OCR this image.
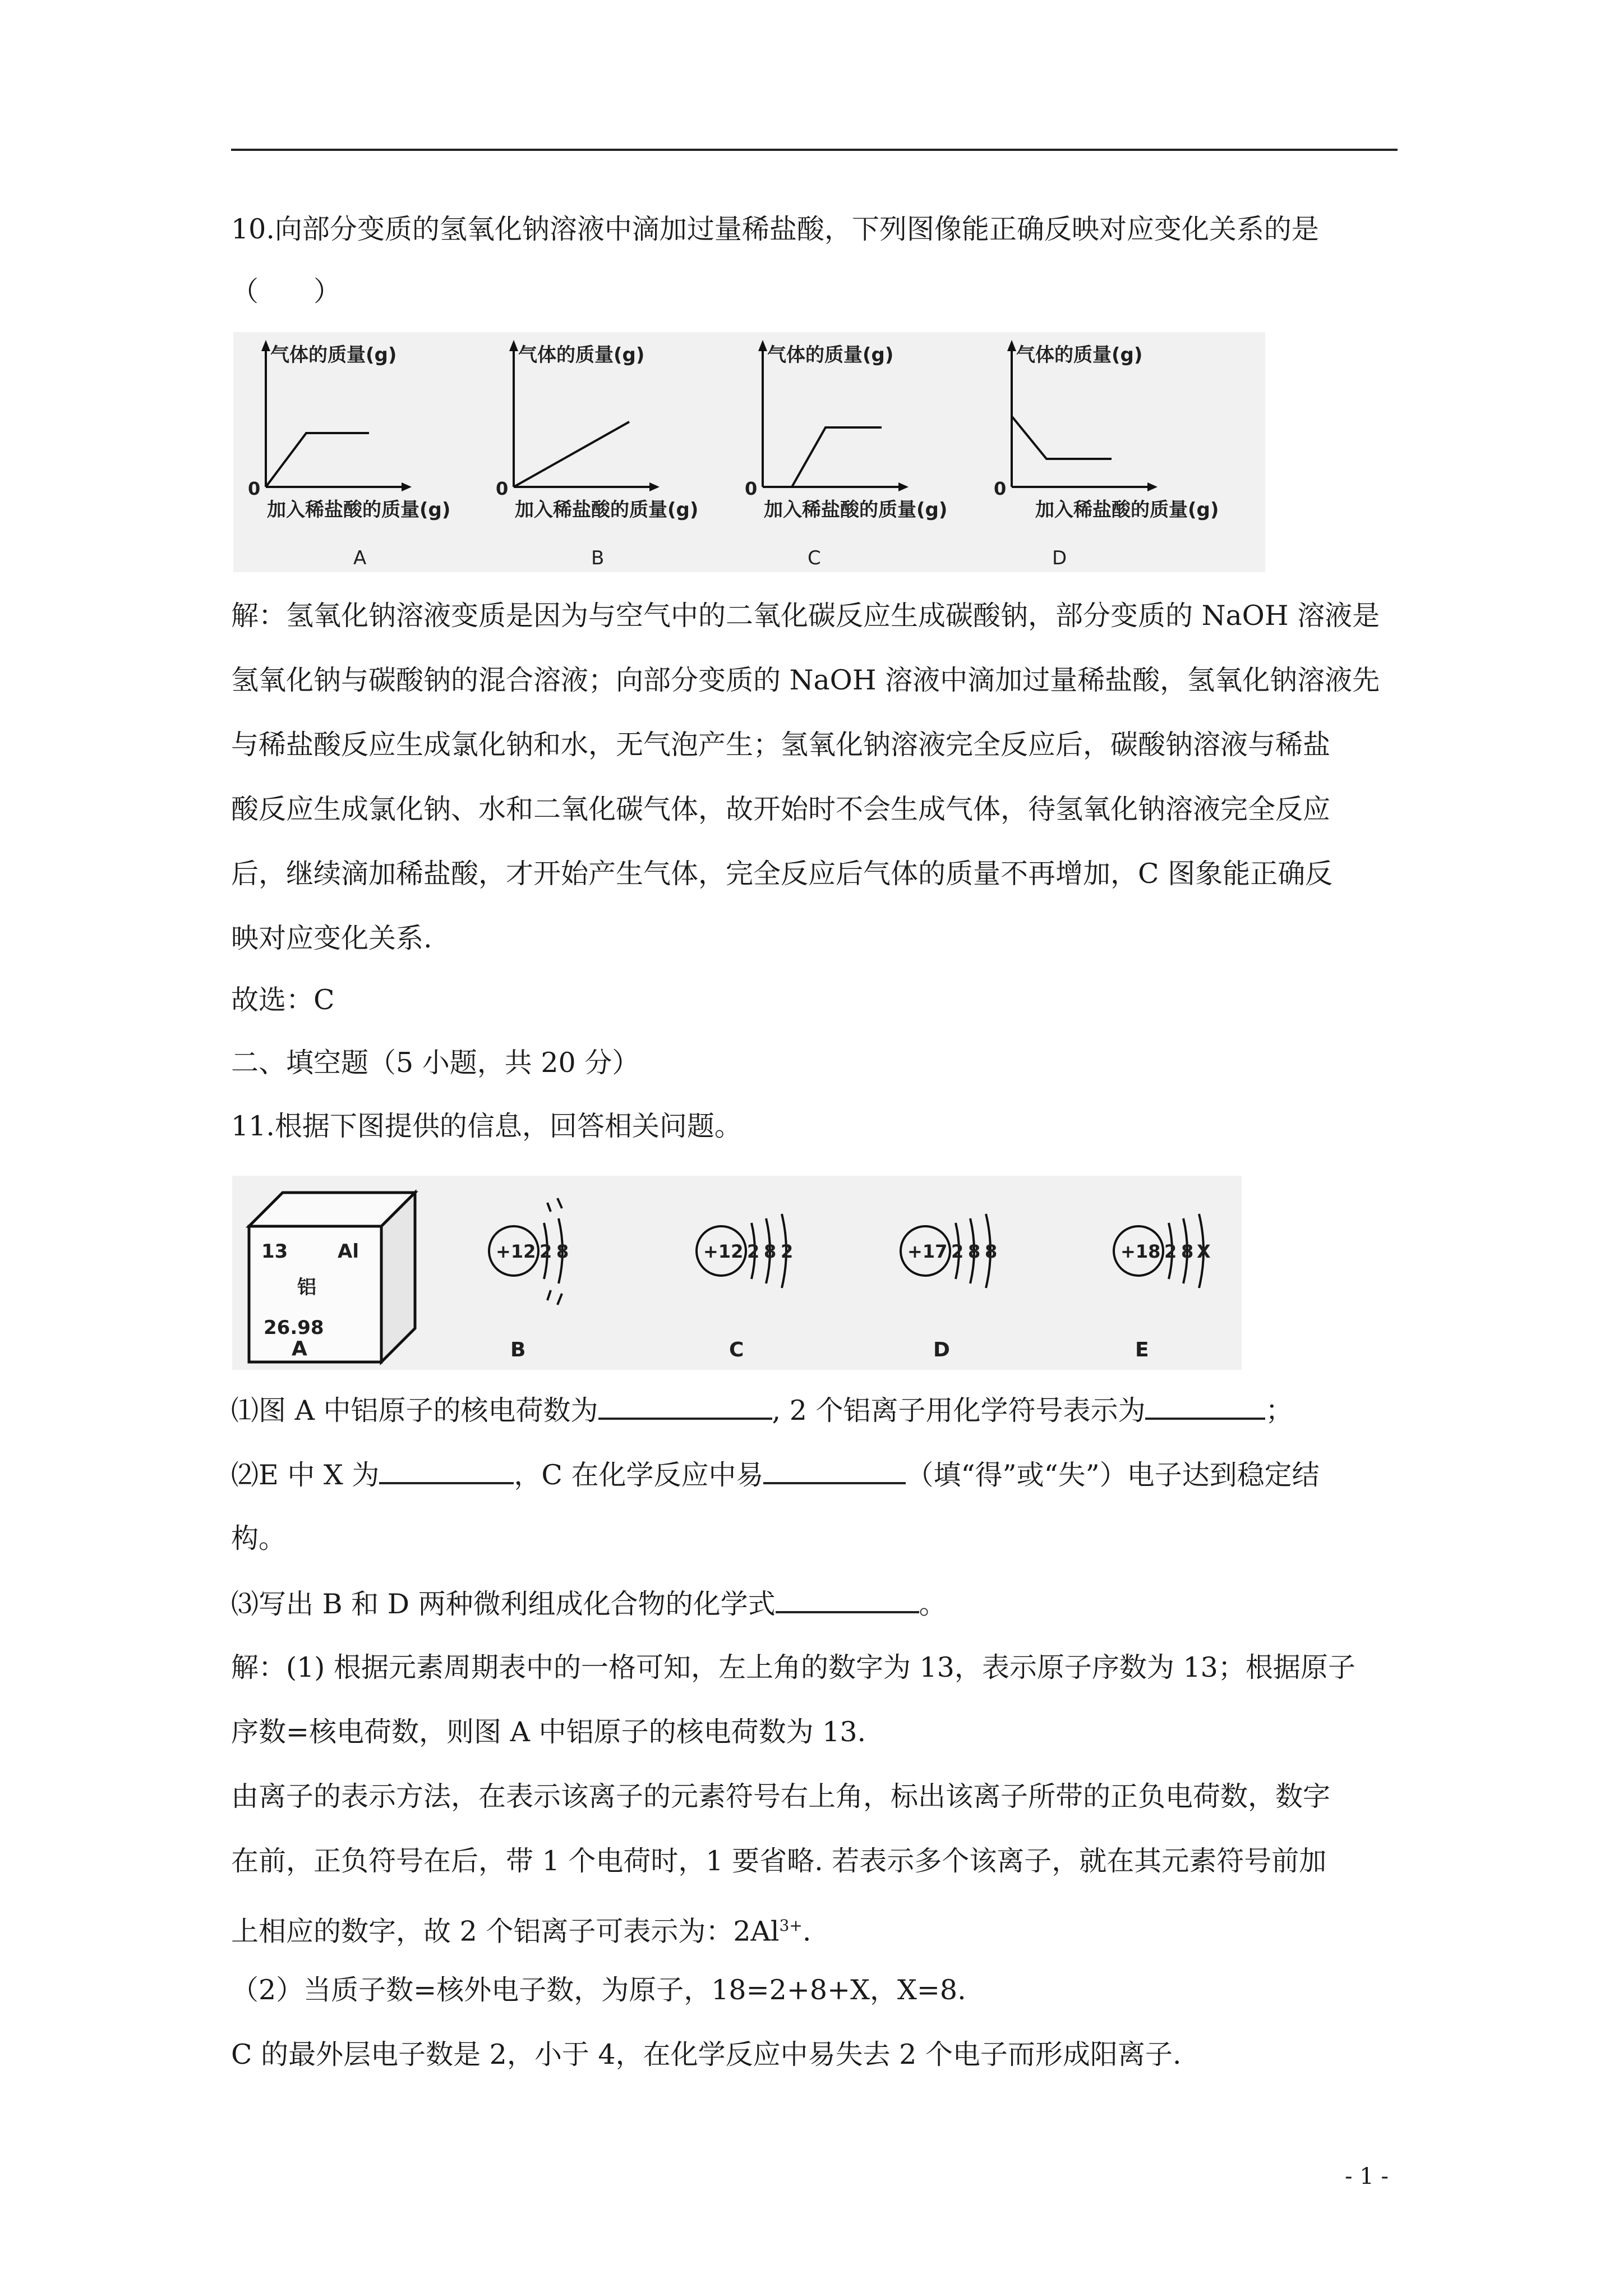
10.向部分变质的氢氧化钠溶液中滴加过量稀盐酸，下列图像能正确反映对应变化关系的是
（　　）
气体的质量(g)
0
加入稀盐酸的质量(g)
A
气体的质量(g)
0
加入稀盐酸的质量(g)
B
气体的质量(g)
0
加入稀盐酸的质量(g)
C
气体的质量(g)
0
加入稀盐酸的质量(g)
D
解：氢氧化钠溶液变质是因为与空气中的二氧化碳反应生成碳酸钠，部分变质的 NaOH 溶液是
氢氧化钠与碳酸钠的混合溶液；向部分变质的 NaOH 溶液中滴加过量稀盐酸，氢氧化钠溶液先
与稀盐酸反应生成氯化钠和水，无气泡产生；氢氧化钠溶液完全反应后，碳酸钠溶液与稀盐
酸反应生成氯化钠、水和二氧化碳气体，故开始时不会生成气体，待氢氧化钠溶液完全反应
后，继续滴加稀盐酸，才开始产生气体，完全反应后气体的质量不再增加，C 图象能正确反
映对应变化关系.
故选：C
二、填空题（5 小题，共 20 分）
11.根据下图提供的信息，回答相关问题。
13	Al
铝
26.98
A
+12 2 8
B
+12 2 8 2
C
+17 2 8 8
D
+18 2 8 X
E
⑴图 A 中铝原子的核电荷数为	, 2 个铝离子用化学符号表示为	；
⑵E 中 X 为	，C 在化学反应中易	（填“得”或“失”）电子达到稳定结
构。
⑶写出 B 和 D 两种微利组成化合物的化学式	。
解：(1) 根据元素周期表中的一格可知，左上角的数字为 13，表示原子序数为 13；根据原子
序数=核电荷数，则图 A 中铝原子的核电荷数为 13.
由离子的表示方法，在表示该离子的元素符号右上角，标出该离子所带的正负电荷数，数字
在前，正负符号在后，带 1 个电荷时，1 要省略. 若表示多个该离子，就在其元素符号前加
上相应的数字，故 2 个铝离子可表示为：$2Al^{3+}$.
（2）当质子数=核外电子数，为原子，18=2+8+X，X=8.
C 的最外层电子数是 2，小于 4，在化学反应中易失去 2 个电子而形成阳离子.
- 1 -
